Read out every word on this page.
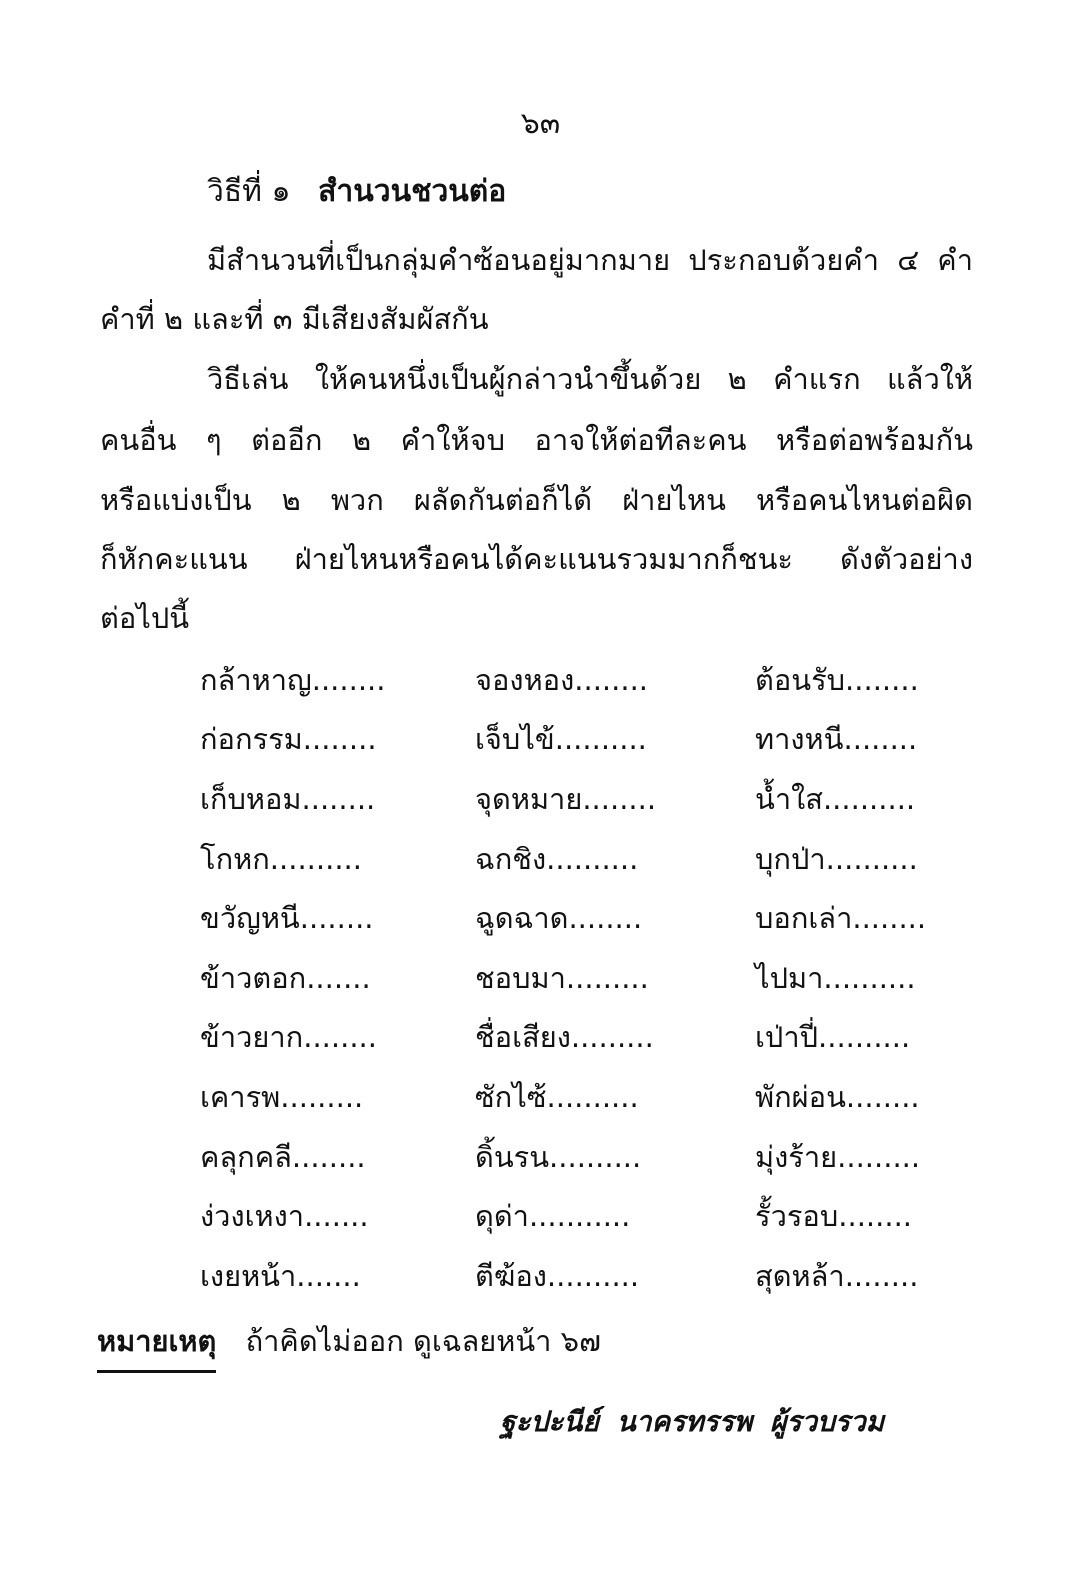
๖๓
วิธีที่ ๑ สำนวนชวนต่อ
มีสำนวนที่เป็นกลุ่มคำซ้อนอยู่มากมาย ประกอบด้วยคำ ๔ คำ
คำที่ ๒ และที่ ๓ มีเสียงสัมผัสกัน
วิธีเล่น ให้คนหนึ่งเป็นผู้กล่าวนำขึ้นด้วย ๒ คำแรก แล้วให้
คนอื่น ๆ ต่ออีก ๒ คำให้จบ อาจให้ต่อทีละคน หรือต่อพร้อมกัน
หรือแบ่งเป็น ๒ พวก ผลัดกันต่อก็ได้ ฝ่ายไหน หรือคนไหนต่อผิด
ก็หักคะแนน ฝ่ายไหนหรือคนได้คะแนนรวมมากก็ชนะ ดังตัวอย่าง
ต่อไปนี้
กล้าหาญ........	จองหอง........	ต้อนรับ........
ก่อกรรม........	เจ็บไข้..........	ทางหนี........
เก็บหอม........	จุดหมาย........	น้ำใส..........
โกหก..........	ฉกชิง..........	บุกป่า..........
ขวัญหนี........	ฉูดฉาด........	บอกเล่า........
ข้าวตอก.......	ชอบมา.........	ไปมา..........
ข้าวยาก........	ชื่อเสียง.........	เป่าปี่..........
เคารพ.........	ซักไซ้..........	พักผ่อน........
คลุกคลี........	ดิ้นรน..........	มุ่งร้าย.........
ง่วงเหงา.......	ดุด่า...........	รั้วรอบ........
เงยหน้า.......	ตีฆ้อง..........	สุดหล้า........
หมายเหตุ ถ้าคิดไม่ออก ดูเฉลยหน้า ๖๗
ฐะปะนีย์ นาครทรรพ ผู้รวบรวม
